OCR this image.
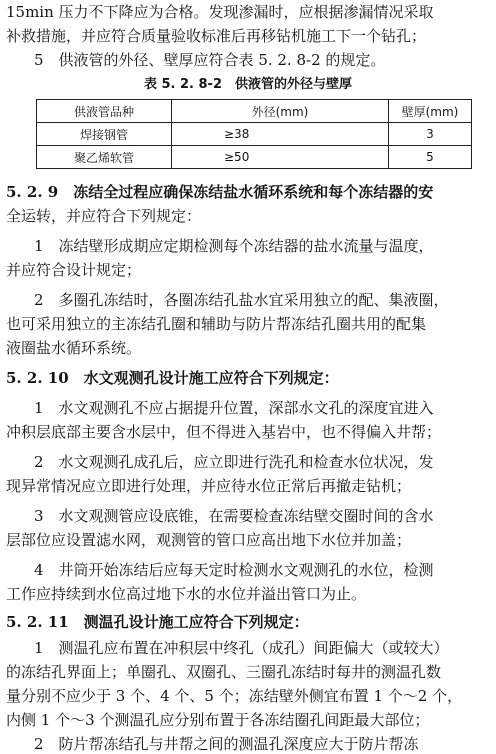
15min 压力不下降应为合格。发现渗漏时，应根据渗漏情况采取
补救措施，并应符合质量验收标准后再移钻机施工下一个钻孔；
5　供液管的外径、壁厚应符合表 5. 2. 8-2 的规定。
表 5. 2. 8-2　供液管的外径与壁厚
供液管品种	外径(mm)	壁厚(mm)
焊接钢管	≥38	3
聚乙烯软管	≥50	5
5. 2. 9　冻结全过程应确保冻结盐水循环系统和每个冻结器的安
全运转，并应符合下列规定：
1　冻结壁形成期应定期检测每个冻结器的盐水流量与温度，
并应符合设计规定；
2　多圈孔冻结时，各圈冻结孔盐水宜采用独立的配、集液圈，
也可采用独立的主冻结孔圈和辅助与防片帮冻结孔圈共用的配集
液圈盐水循环系统。
5. 2. 10　水文观测孔设计施工应符合下列规定：
1　水文观测孔不应占据提升位置，深部水文孔的深度宜进入
冲积层底部主要含水层中，但不得进入基岩中，也不得偏入井帮；
2　水文观测孔成孔后，应立即进行洗孔和检查水位状况，发
现异常情况应立即进行处理，并应待水位正常后再撤走钻机；
3　水文观测管应设底锥，在需要检查冻结壁交圈时间的含水
层部位应设置滤水网，观测管的管口应高出地下水位并加盖；
4　井筒开始冻结后应每天定时检测水文观测孔的水位，检测
工作应持续到水位高过地下水的水位并溢出管口为止。
5. 2. 11　测温孔设计施工应符合下列规定：
1　测温孔应布置在冲积层中终孔（成孔）间距偏大（或较大）
的冻结孔界面上；单圈孔、双圈孔、三圈孔冻结时每井的测温孔数
量分别不应少于 3 个、4 个、5 个；冻结壁外侧宜布置 1 个～2 个，
内侧 1 个～3 个测温孔应分别布置于各冻结圈孔间距最大部位；
2　防片帮冻结孔与井帮之间的测温孔深度应大于防片帮冻
